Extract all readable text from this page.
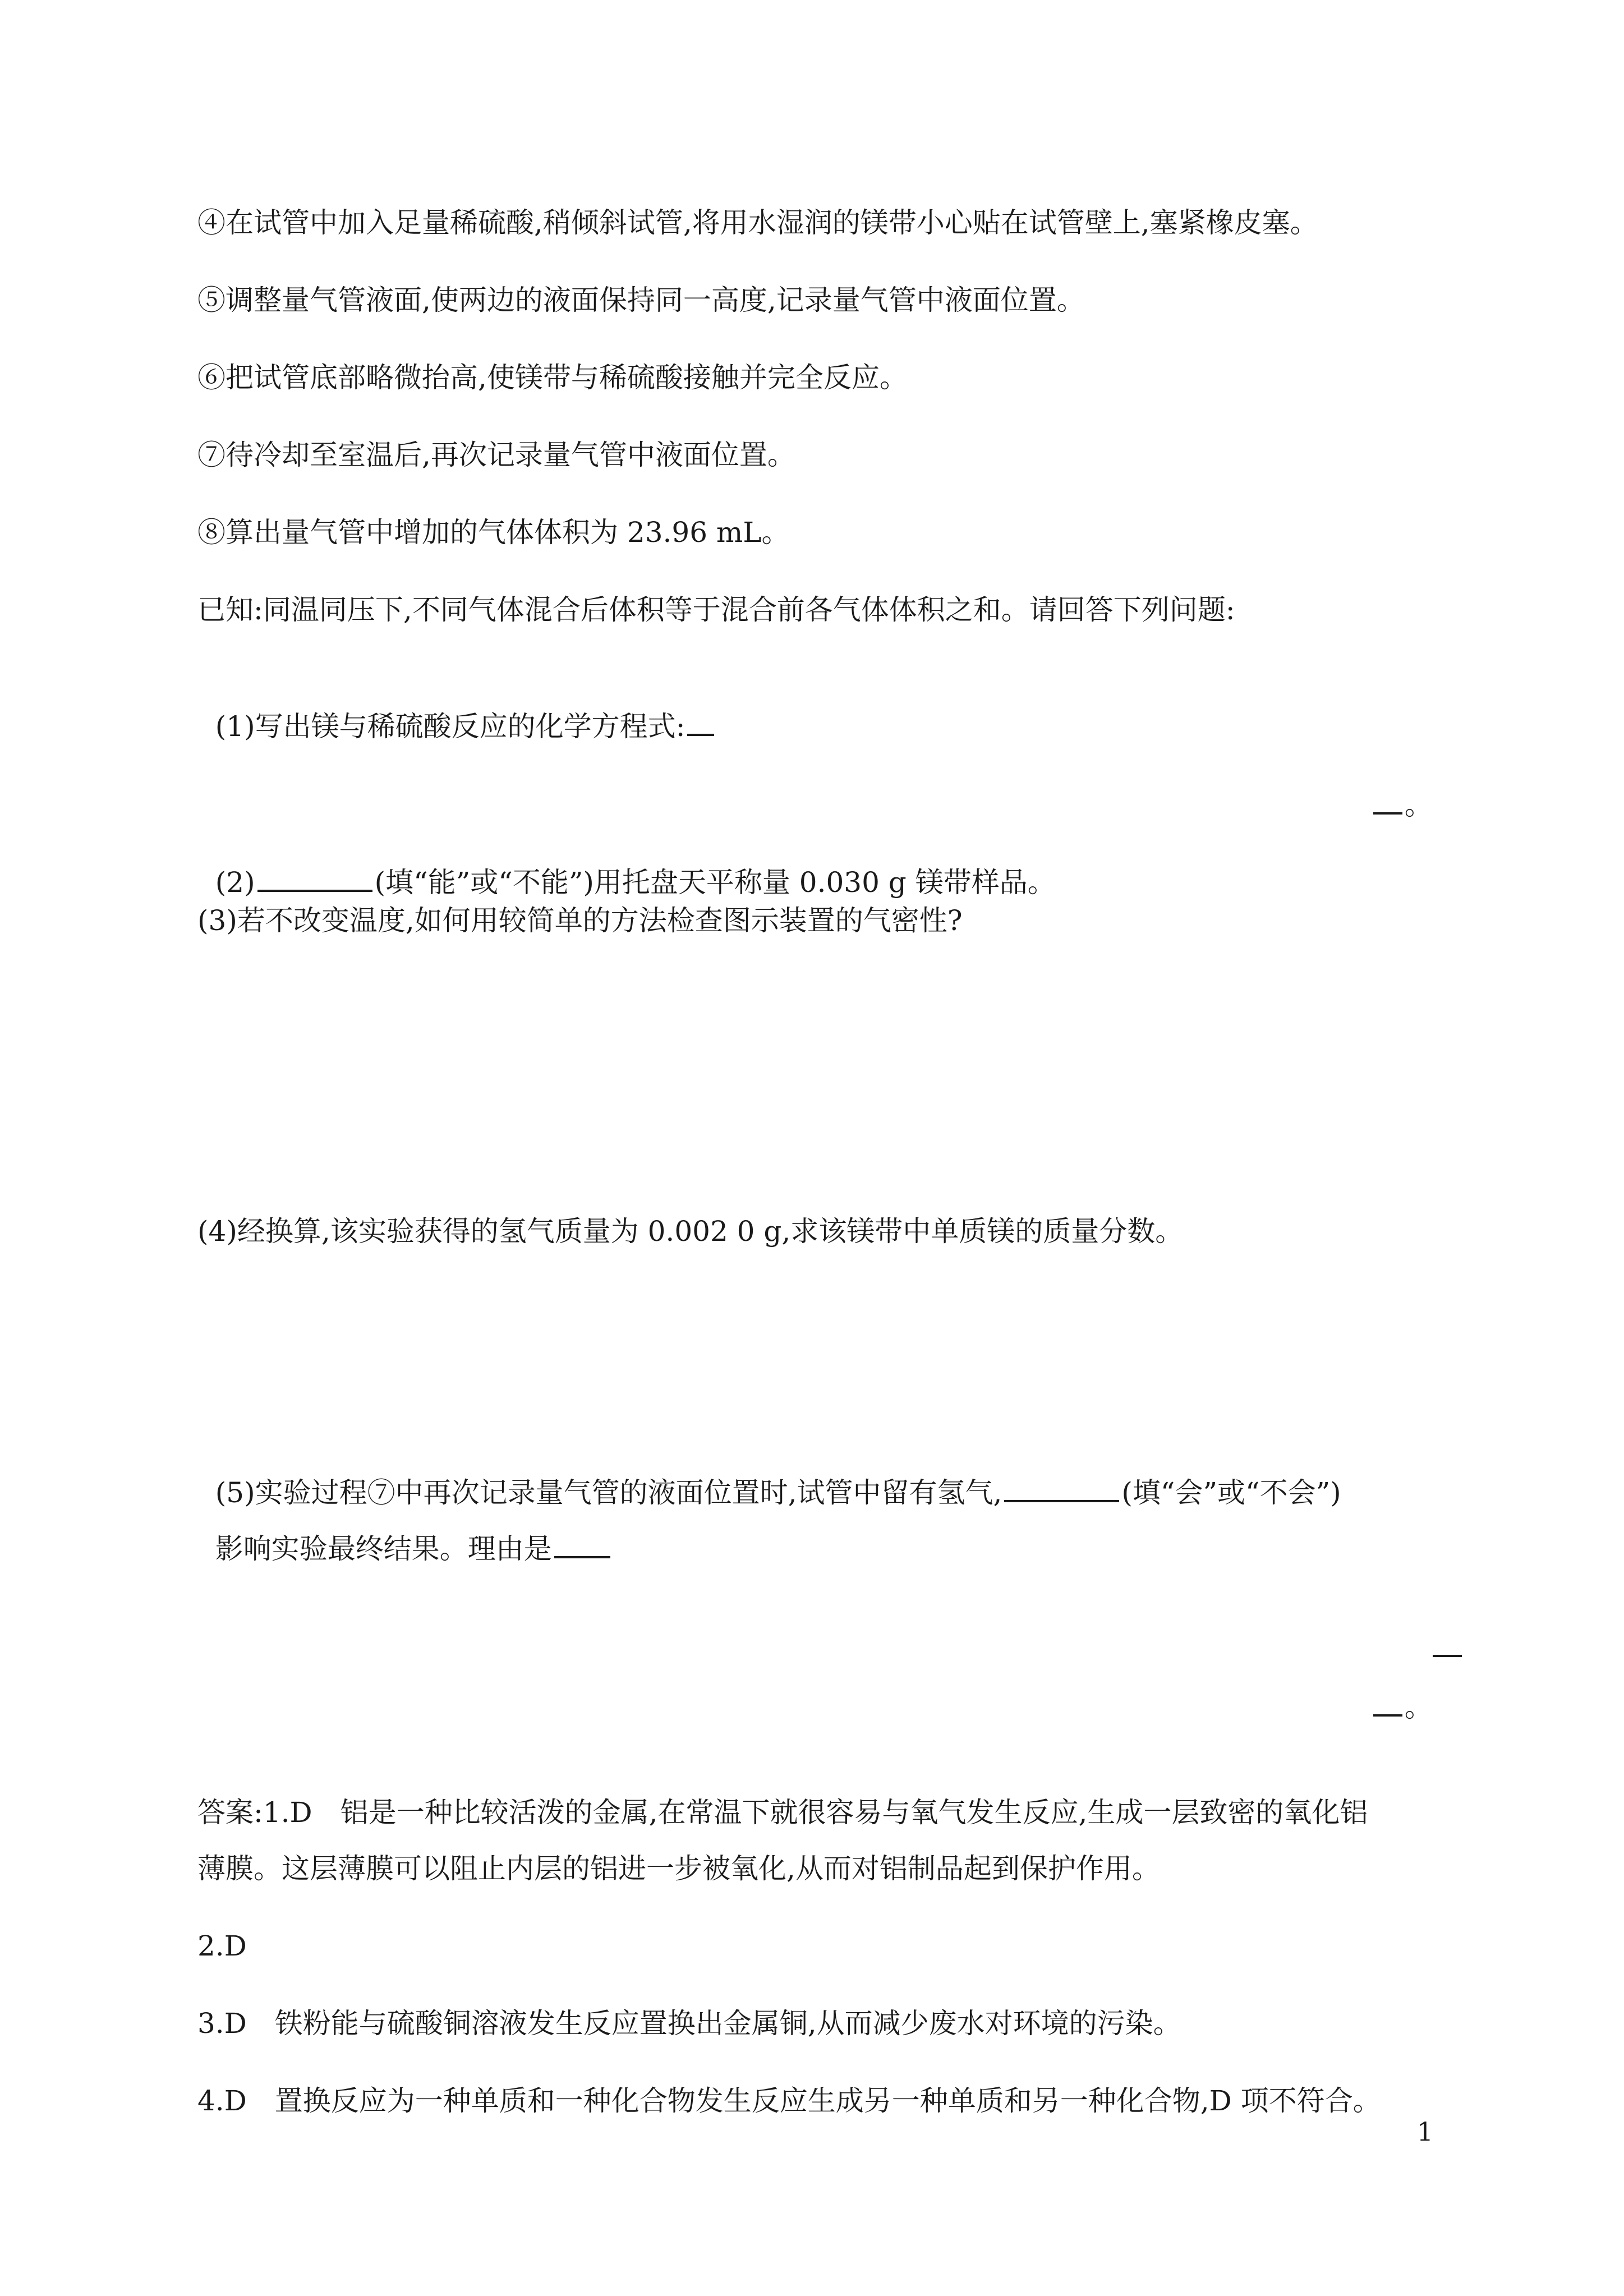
④在试管中加入足量稀硫酸,稍倾斜试管,将用水湿润的镁带小心贴在试管壁上,塞紧橡皮塞。
⑤调整量气管液面,使两边的液面保持同一高度,记录量气管中液面位置。
⑥把试管底部略微抬高,使镁带与稀硫酸接触并完全反应。
⑦待冷却至室温后,再次记录量气管中液面位置。
⑧算出量气管中增加的气体体积为 23.96 mL。
已知:同温同压下,不同气体混合后体积等于混合前各气体体积之和。请回答下列问题:

(1)写出镁与稀硫酸反应的化学方程式:

。

(2)	(填“能”或“不能”)用托盘天平称量 0.030 g 镁带样品。

(3)若不改变温度,如何用较简单的方法检查图示装置的气密性?
(4)经换算,该实验获得的氢气质量为 0.002 0 g,求该镁带中单质镁的质量分数。

(5)实验过程⑦中再次记录量气管的液面位置时,试管中留有氢气,	(填“会”或“不会”)

影响实验最终结果。理由是

。

答案:1.D　铝是一种比较活泼的金属,在常温下就很容易与氧气发生反应,生成一层致密的氧化铝
薄膜。这层薄膜可以阻止内层的铝进一步被氧化,从而对铝制品起到保护作用。
2.D
3.D　铁粉能与硫酸铜溶液发生反应置换出金属铜,从而减少废水对环境的污染。
4.D　置换反应为一种单质和一种化合物发生反应生成另一种单质和另一种化合物,D 项不符合。
1
